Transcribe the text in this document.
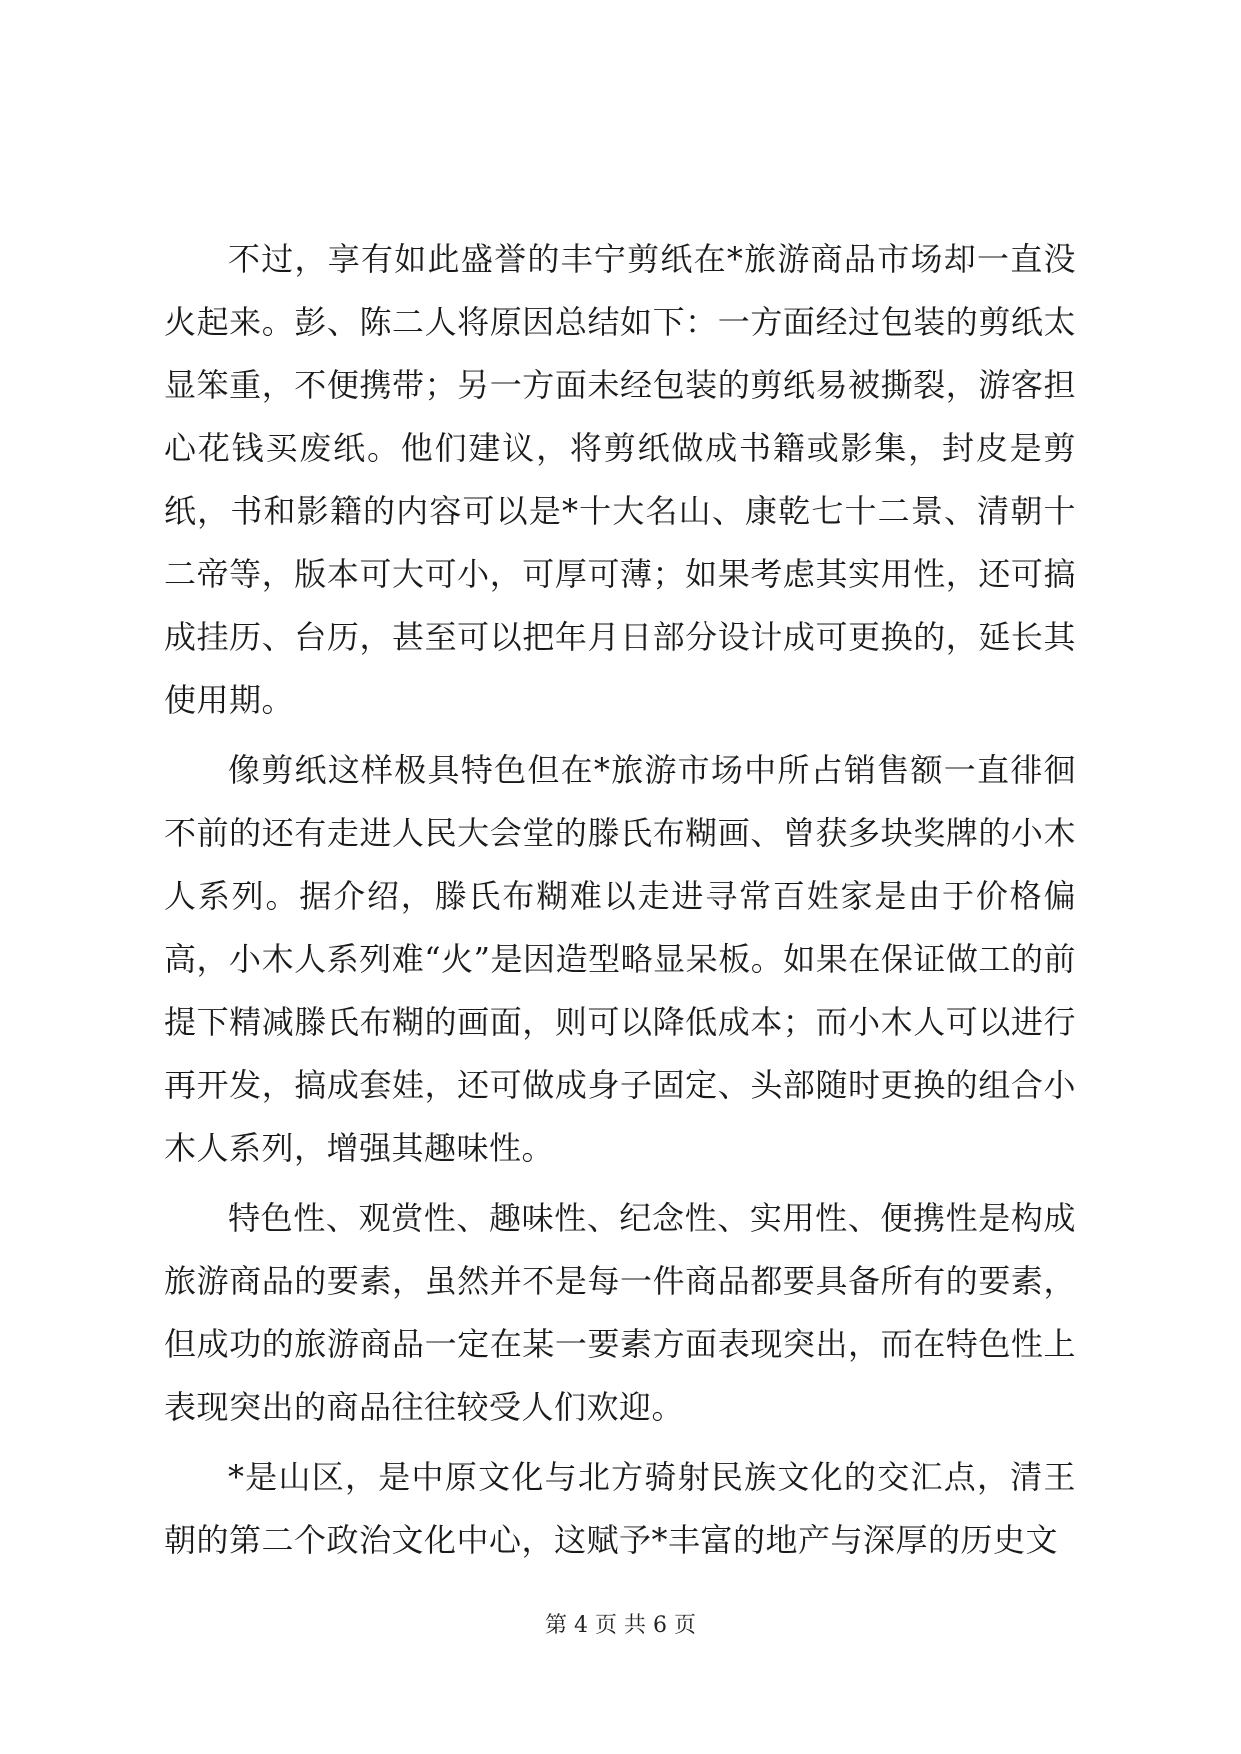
不过，享有如此盛誉的丰宁剪纸在*旅游商品市场却一直没火起来。彭、陈二人将原因总结如下：一方面经过包装的剪纸太显笨重，不便携带；另一方面未经包装的剪纸易被撕裂，游客担心花钱买废纸。他们建议，将剪纸做成书籍或影集，封皮是剪纸，书和影籍的内容可以是*十大名山、康乾七十二景、清朝十二帝等，版本可大可小，可厚可薄；如果考虑其实用性，还可搞成挂历、台历，甚至可以把年月日部分设计成可更换的，延长其使用期。

像剪纸这样极具特色但在*旅游市场中所占销售额一直徘徊不前的还有走进人民大会堂的滕氏布糊画、曾获多块奖牌的小木人系列。据介绍，滕氏布糊难以走进寻常百姓家是由于价格偏高，小木人系列难“火”是因造型略显呆板。如果在保证做工的前提下精减滕氏布糊的画面，则可以降低成本；而小木人可以进行再开发，搞成套娃，还可做成身子固定、头部随时更换的组合小木人系列，增强其趣味性。

特色性、观赏性、趣味性、纪念性、实用性、便携性是构成旅游商品的要素，虽然并不是每一件商品都要具备所有的要素，但成功的旅游商品一定在某一要素方面表现突出，而在特色性上表现突出的商品往往较受人们欢迎。

*是山区，是中原文化与北方骑射民族文化的交汇点，清王朝的第二个政治文化中心，这赋予*丰富的地产与深厚的历史文

第 4 页 共 6 页
